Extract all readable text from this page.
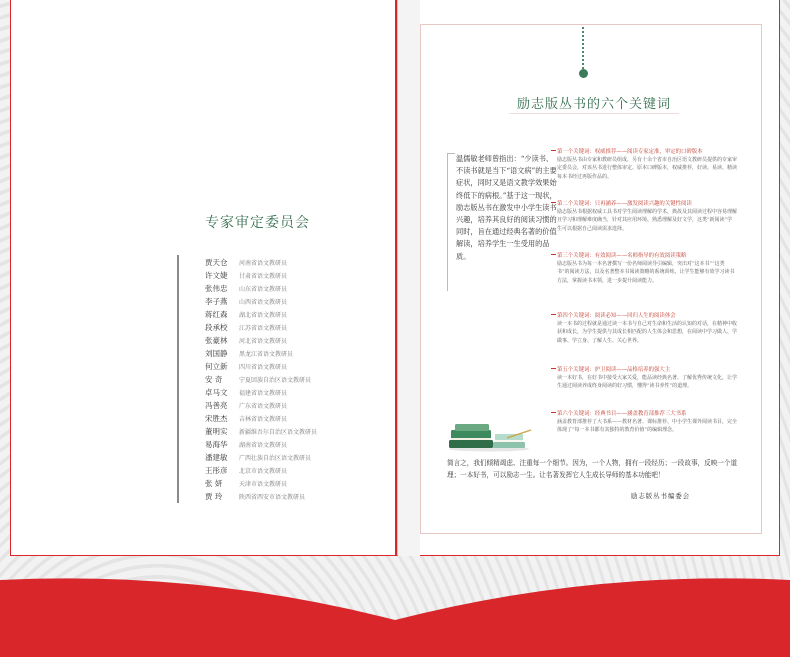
专家审定委员会
贾天仓 河南省语文教研员
许文婕 甘肃省语文教研员
张伟忠 山东省语文教研员
李子燕 山西省语文教研员
蒋红森 湖北省语文教研员
段承校 江苏省语文教研员
张豪林 河北省语文教研员
刘国静 黑龙江省语文教研员
何立新 四川省语文教研员
安 奇	宁夏回族自治区语文教研员
卓马文 福建省语文教研员
冯善亮 广东省语文教研员
宋胜杰 吉林省语文教研员
董明实 新疆维吾尔自治区语文教研员
易海华 湖南省语文教研员
潘建敏 广西壮族自治区语文教研员
王彤彦 北京市语文教研员
张 妍	天津市语文教研员
贾 玲	陕西省西安市语文教研员
励志版丛书的六个关键词
温儒敏老师曾指出：“少读书、不读书就是当下“语文病”的主要症状，同时又是语文教学效果始终低下的病根。”基于这一现状，励志版丛书在激发中小学生读书兴趣，培养其良好的阅读习惯的同时，旨在通过经典名著的价值解读，培养学生一生受用的品质。
第一个关键词：权威推荐——阅读专家定准，审定的口碑版本
励志版丛书由专家和教研员组成，另有十余个省市自治区语文教研员提供的专家审定委员会，对该丛书进行整体审定、原本口碑版本，权威推荐，好读、易读、精读每本书经过再版作品的。
第二个关键词：只再涵养——激发阅读兴趣的关键性阅读
励志版丛书根据权威工具书对学生阅读理解的学术，典故及其阅读过程中容易理解且学习和理解难度确当，针对其应用环境、熟悉理解及好文学，这类“新阅读”学生可以根据自己阅读需求选择。
第三个关键词：有效阅读——名师指导的有效阅读策略
励志版丛书为每一本名著撰写一份名师阅读导引编辑，突出对“这本书”“这类书”的阅读方法，以及名著整本书阅读策略的系统训练，让学生能够有效学习读书方法，掌握读书本领，进一步提升阅读能力。
第四个关键词：阅读必知——回归人生的阅读体会
读一本书的过程就是通过读一本书与自己对生命和生活的认知的对话，在精神中收获和成长，为学生提供与其成长相匹配的人生体会和思想，在阅读中学习做人、学做事、学立身、了解人生、关心世界。
第五个关键词：护卫阅读——品格培养的强大主
读一本好书，在好书中接受大家关爱，能品读经典名著、了解优秀传统文化，让学生通过阅读养成终身阅读的好习惯，懂得“读书养性”的道理。
第六个关键词：经典书目——涵盖教育部推荐三大书系
涵盖教育部推荐了大书系——教材名著、课标推荐、中小学生课外阅读书目，完全体现了“每一本书都有其独特的教育价值”的编辑理念。
简言之，我们倾精竭虑、注重每一个细节。因为，一个人物，拥有一段经历；一段故事，反映一个道理；一本好书，可以励志一生。让名著发挥它人生成长导师的基本功能吧！
励志版丛书编委会
